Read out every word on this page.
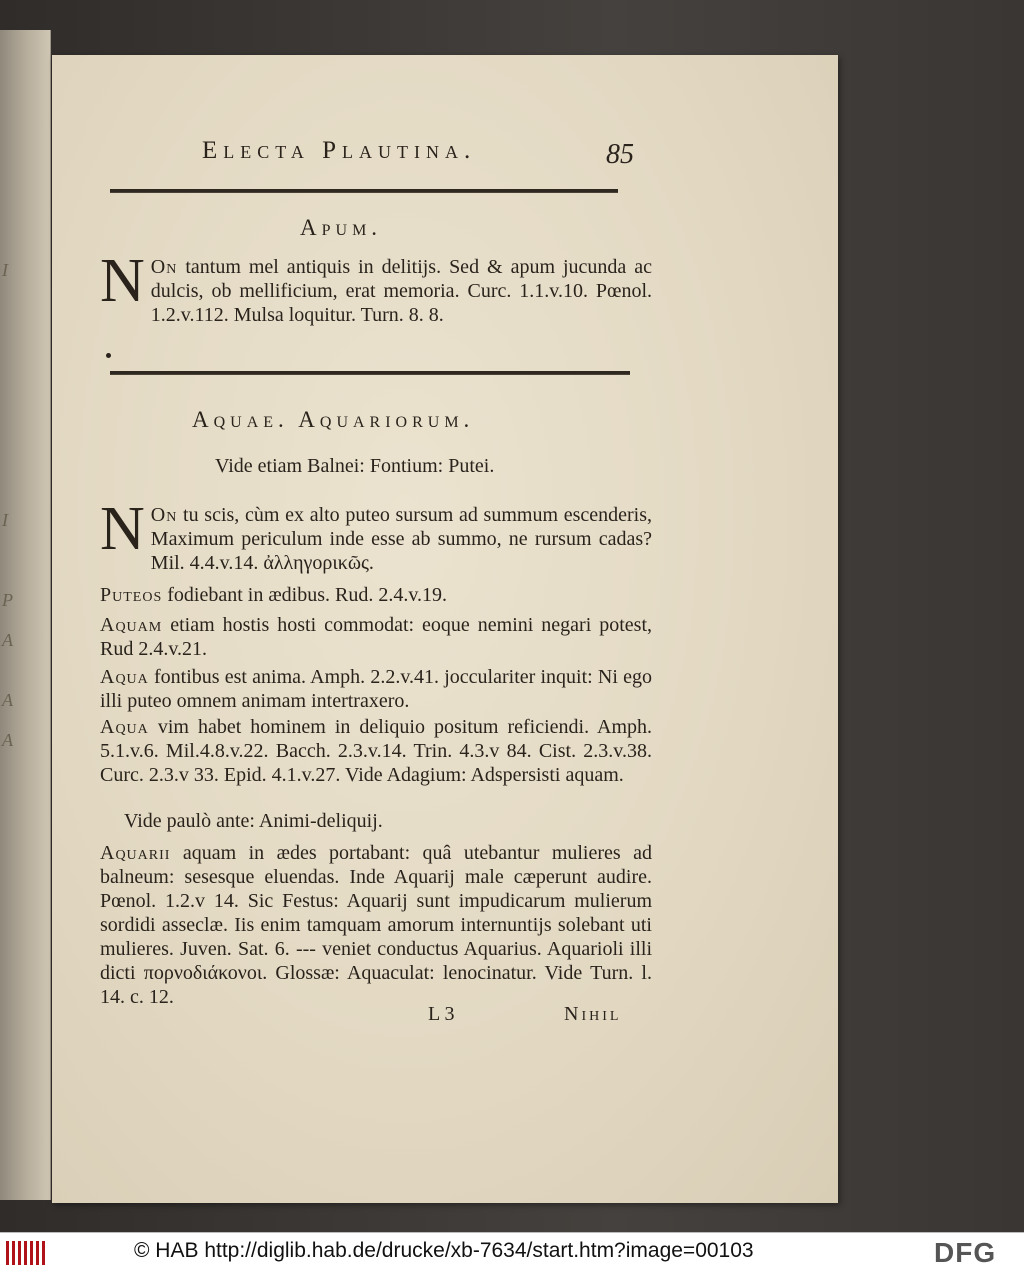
I
I
P
A
A
A
Electa Plautina.	85
Apum.
N On tantum mel antiquis in delitijs. Sed & apum jucunda ac dulcis, ob mellificium, erat memoria. Curc. 1.1.v.10. Pœnol. 1.2.v.112. Mulsa loquitur. Turn. 8. 8.
Aquae. Aquariorum.
Vide etiam Balnei: Fontium: Putei.
N On tu scis, cùm ex alto puteo sursum ad summum escenderis, Maximum periculum inde esse ab summo, ne rursum cadas? Mil. 4.4.v.14. ἀλληγορικῶς.
Puteos fodiebant in ædibus. Rud. 2.4.v.19.
Aquam etiam hostis hosti commodat: eoque nemini negari potest, Rud 2.4.v.21.
Aqua fontibus est anima. Amph. 2.2.v.41. jocculariter inquit: Ni ego illi puteo omnem animam intertraxero.
Aqua vim habet hominem in deliquio positum reficiendi. Amph. 5.1.v.6. Mil.4.8.v.22. Bacch. 2.3.v.14. Trin. 4.3.v 84. Cist. 2.3.v.38. Curc. 2.3.v 33. Epid. 4.1.v.27. Vide Adagium: Adspersisti aquam.
Vide paulò ante: Animi-deliquij.
Aquarii aquam in ædes portabant: quâ utebantur mulieres ad balneum: sesesque eluendas. Inde Aquarij male cæperunt audire. Pœnol. 1.2.v 14. Sic Festus: Aquarij sunt impudicarum mulierum sordidi asseclæ. Iis enim tamquam amorum internuntijs solebant uti mulieres. Juven. Sat. 6. --- veniet conductus Aquarius. Aquarioli illi dicti πορνοδιάκονοι. Glossæ: Aquaculat: lenocinatur. Vide Turn. l. 14. c. 12.
L 3	Nihil
© HAB http://diglib.hab.de/drucke/xb-7634/start.htm?image=00103	DFG
